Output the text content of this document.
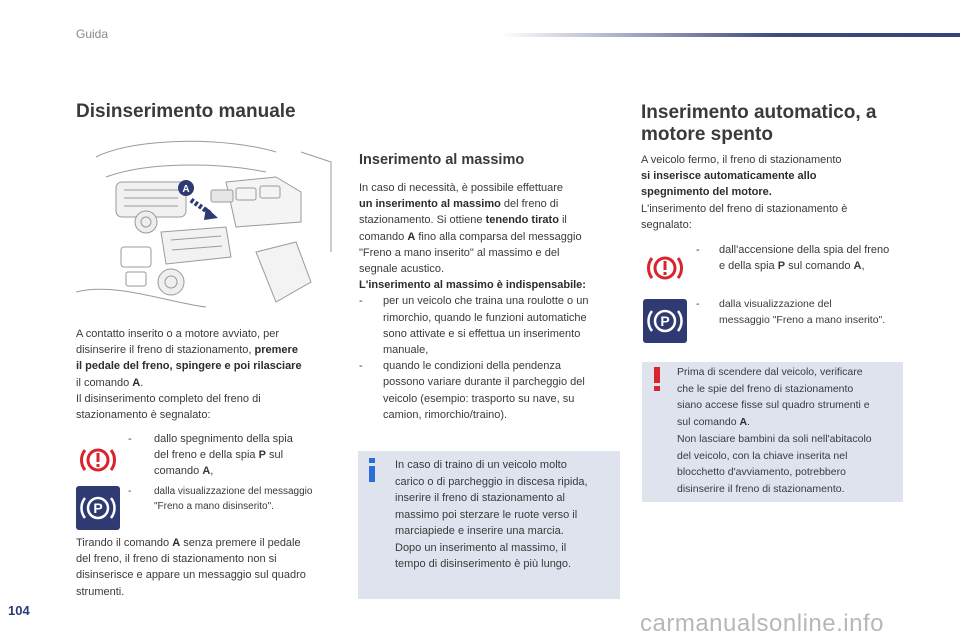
Guida
Disinserimento manuale
A
A contatto inserito o a motore avviato, per
disinserire il freno di stazionamento, premere
il pedale del freno, spingere e poi rilasciare
il comando A.
Il disinserimento completo del freno di
stazionamento è segnalato:
- dallo spegnimento della spia
del freno e della spia P sul
comando A,
P
- dalla visualizzazione del messaggio
"Freno a mano disinserito".
Tirando il comando A senza premere il pedale
del freno, il freno di stazionamento non si
disinserisce e appare un messaggio sul quadro
strumenti.
Inserimento al massimo
In caso di necessità, è possibile effettuare
un inserimento al massimo del freno di
stazionamento. Si ottiene tenendo tirato il
comando A fino alla comparsa del messaggio
"Freno a mano inserito" al massimo e del
segnale acustico.
L'inserimento al massimo è indispensabile:
- per un veicolo che traina una roulotte o un
rimorchio, quando le funzioni automatiche
sono attivate e si effettua un inserimento
manuale,
- quando le condizioni della pendenza
possono variare durante il parcheggio del
veicolo (esempio: trasporto su nave, su
camion, rimorchio/traino).
In caso di traino di un veicolo molto
carico o di parcheggio in discesa ripida,
inserire il freno di stazionamento al
massimo poi sterzare le ruote verso il
marciapiede e inserire una marcia.
Dopo un inserimento al massimo, il
tempo di disinserimento è più lungo.
Inserimento automatico, a
motore spento
A veicolo fermo, il freno di stazionamento
si inserisce automaticamente allo
spegnimento del motore.
L'inserimento del freno di stazionamento è
segnalato:
- dall'accensione della spia del freno
e della spia P sul comando A,
P
- dalla visualizzazione del
messaggio "Freno a mano inserito".
Prima di scendere dal veicolo, verificare
che le spie del freno di stazionamento
siano accese fisse sul quadro strumenti e
sul comando A.
Non lasciare bambini da soli nell'abitacolo
del veicolo, con la chiave inserita nel
blocchetto d'avviamento, potrebbero
disinserire il freno di stazionamento.
104	carmanualsonline.info
